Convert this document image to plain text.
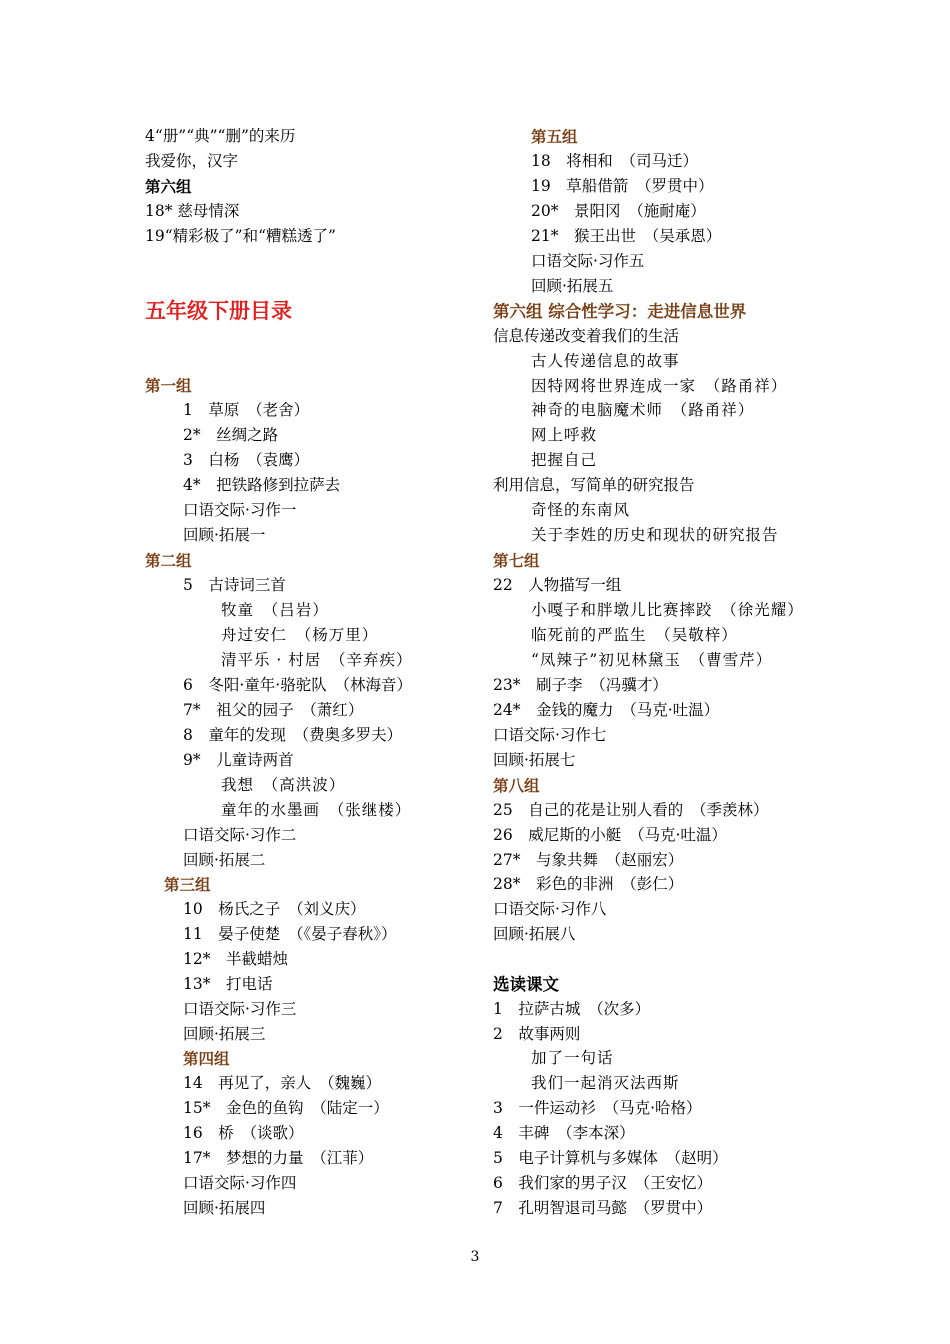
4“册”“典”“删”的来历
我爱你，汉字
第六组
18* 慈母情深
19“精彩极了”和“糟糕透了”
五年级下册目录
第一组
1　草原　（老舍）
2*　丝绸之路
3　白杨　（袁鹰）
4*　把铁路修到拉萨去
口语交际·习作一
回顾·拓展一
第二组
5　古诗词三首
牧童　（吕岩）
舟过安仁　（杨万里）
清平乐 · 村居　（辛弃疾）
6　冬阳·童年·骆驼队　（林海音）
7*　祖父的园子　（萧红）
8　童年的发现　（费奥多罗夫）
9*　儿童诗两首
我想　（高洪波）
童年的水墨画　（张继楼）
口语交际·习作二
回顾·拓展二
第三组
10　杨氏之子　（刘义庆）
11　晏子使楚　（《晏子春秋》）
12*　半截蜡烛
13*　打电话
口语交际·习作三
回顾·拓展三
第四组
14　再见了，亲人　（魏巍）
15*　金色的鱼钩　（陆定一）
16　桥　（谈歌）
17*　梦想的力量　（江菲）
口语交际·习作四
回顾·拓展四
第五组
18　将相和　（司马迁）
19　草船借箭　（罗贯中）
20*　景阳冈　（施耐庵）
21*　猴王出世　（吴承恩）
口语交际·习作五
回顾·拓展五
第六组 综合性学习：走进信息世界
信息传递改变着我们的生活
古人传递信息的故事
因特网将世界连成一家　（路甬祥）
神奇的电脑魔术师　（路甬祥）
网上呼救
把握自己
利用信息，写简单的研究报告
奇怪的东南风
关于李姓的历史和现状的研究报告
第七组
22　人物描写一组
小嘎子和胖墩儿比赛摔跤　（徐光耀）
临死前的严监生　（吴敬梓）
“凤辣子”初见林黛玉　（曹雪芹）
23*　刷子李　（冯骥才）
24*　金钱的魔力　（马克·吐温）
口语交际·习作七
回顾·拓展七
第八组
25　自己的花是让别人看的　（季羡林）
26　威尼斯的小艇　（马克·吐温）
27*　与象共舞　（赵丽宏）
28*　彩色的非洲　（彭仁）
口语交际·习作八
回顾·拓展八
选读课文
1　拉萨古城　（次多）
2　故事两则
加了一句话
我们一起消灭法西斯
3　一件运动衫　（马克·哈格）
4　丰碑　（李本深）
5　电子计算机与多媒体　（赵明）
6　我们家的男子汉　（王安忆）
7　孔明智退司马懿　（罗贯中）
3
